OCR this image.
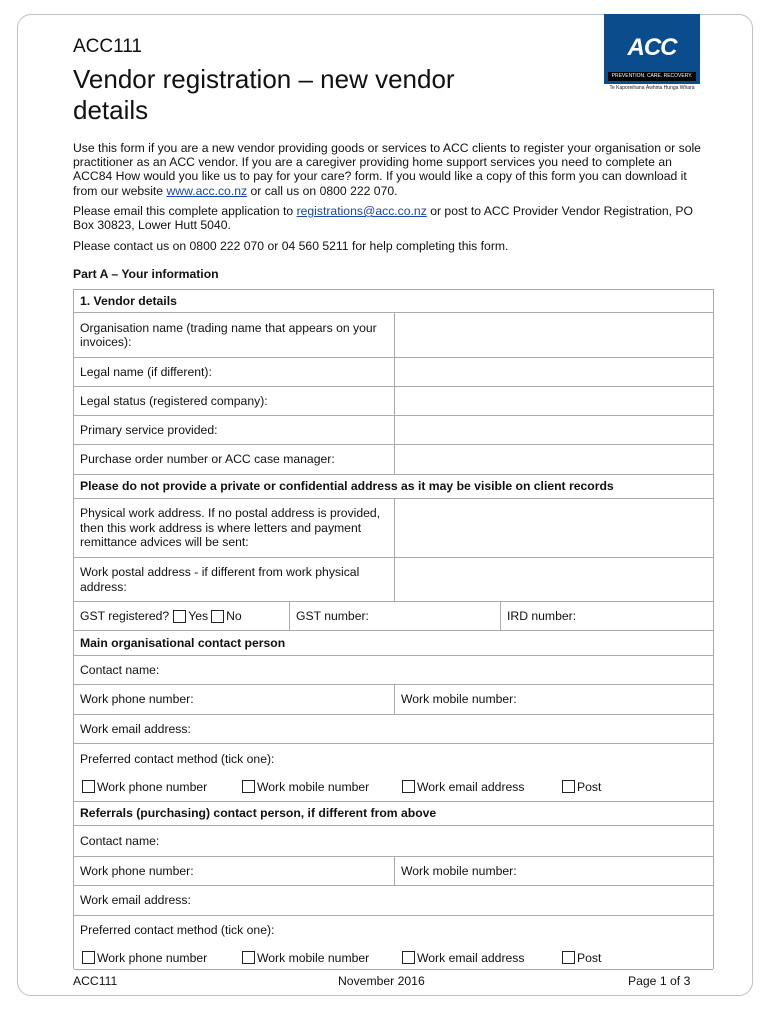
ACC111
Vendor registration – new vendor details
ACC
PREVENTION. CARE. RECOVERY.
Te Kaporeihana Āwhina Hunga Whara

Use this form if you are a new vendor providing goods or services to ACC clients to register your organisation or sole practitioner as an ACC vendor. If you are a caregiver providing home support services you need to complete an ACC84 How would you like us to pay for your care? form. If you would like a copy of this form you can download it from our website www.acc.co.nz or call us on 0800 222 070.

Please email this complete application to registrations@acc.co.nz or post to ACC Provider Vendor Registration, PO Box 30823, Lower Hutt 5040.

Please contact us on 0800 222 070 or 04 560 5211 for help completing this form.

Part A – Your information
1. Vendor details
Organisation name (trading name that appears on your invoices):
Legal name (if different):
Legal status (registered company):
Primary service provided:
Purchase order number or ACC case manager:
Please do not provide a private or confidential address as it may be visible on client records
Physical work address. If no postal address is provided, then this work address is where letters and payment remittance advices will be sent:
Work postal address - if different from work physical address:
GST registered? Yes No	GST number:	IRD number:
Main organisational contact person
Contact name:
Work phone number:	Work mobile number:
Work email address:
Preferred contact method (tick one):
Work phone number	Work mobile number	Work email address	Post
Referrals (purchasing) contact person, if different from above
Contact name:
Work phone number:	Work mobile number:
Work email address:
Preferred contact method (tick one):
Work phone number	Work mobile number	Work email address	Post
ACC111	November 2016	Page 1 of 3
